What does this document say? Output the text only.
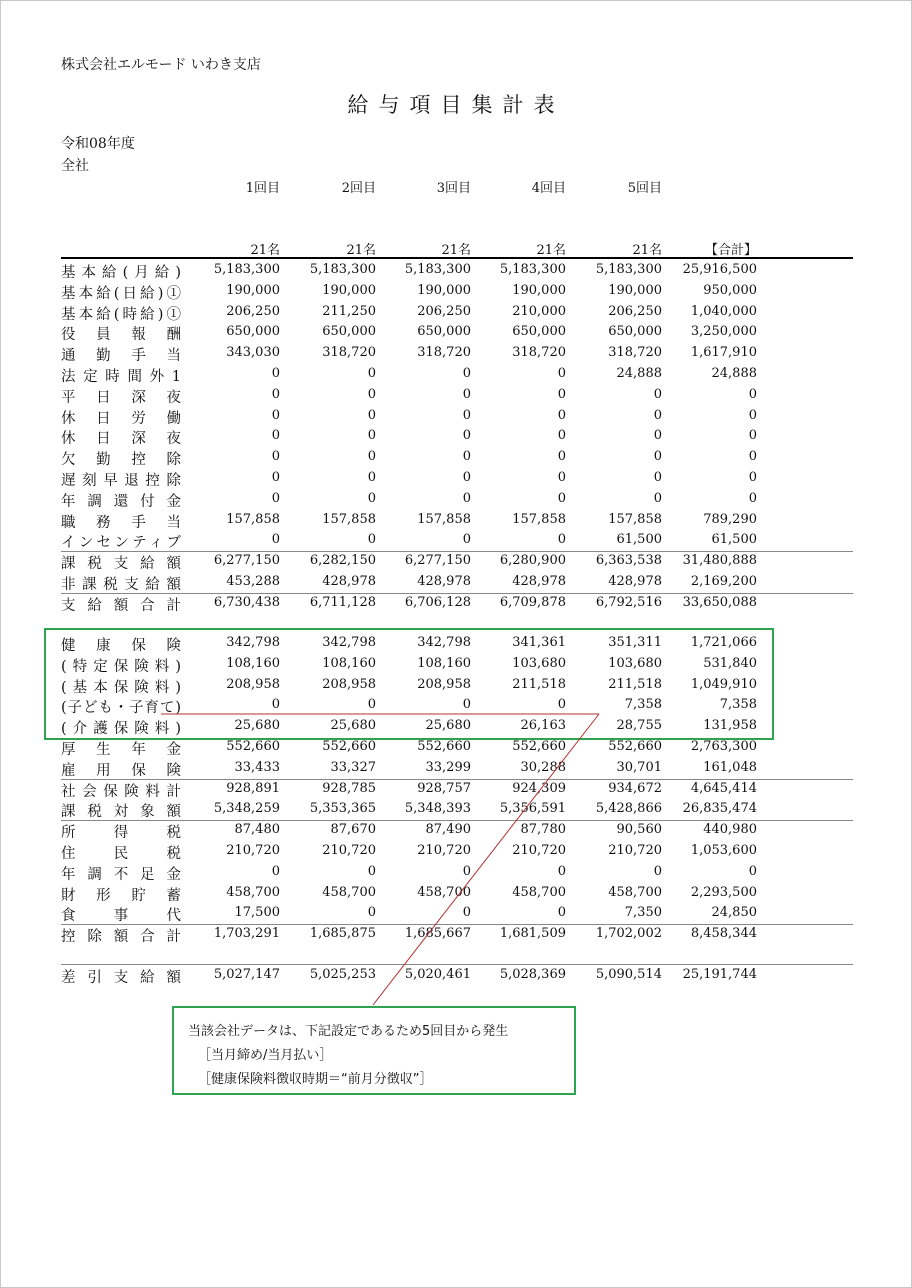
株式会社エルモード いわき支店
給与項目集計表
令和08年度
全社
1回目	2回目	3回目	4回目	5回目
21名	21名	21名	21名	21名	【合計】
基本給(月給)	5,183,300	5,183,300	5,183,300	5,183,300	5,183,300	25,916,500
基本給(日給)①	190,000	190,000	190,000	190,000	190,000	950,000
基本給(時給)①	206,250	211,250	206,250	210,000	206,250	1,040,000
役員報酬	650,000	650,000	650,000	650,000	650,000	3,250,000
通勤手当	343,030	318,720	318,720	318,720	318,720	1,617,910
法定時間外1	0	0	0	0	24,888	24,888
平日深夜	0	0	0	0	0	0
休日労働	0	0	0	0	0	0
休日深夜	0	0	0	0	0	0
欠勤控除	0	0	0	0	0	0
遅刻早退控除	0	0	0	0	0	0
年調還付金	0	0	0	0	0	0
職務手当	157,858	157,858	157,858	157,858	157,858	789,290
インセンティブ	0	0	0	0	61,500	61,500
課税支給額	6,277,150	6,282,150	6,277,150	6,280,900	6,363,538	31,480,888
非課税支給額	453,288	428,978	428,978	428,978	428,978	2,169,200
支給額合計	6,730,438	6,711,128	6,706,128	6,709,878	6,792,516	33,650,088
健康保険	342,798	342,798	342,798	341,361	351,311	1,721,066
(特定保険料)	108,160	108,160	108,160	103,680	103,680	531,840
(基本保険料)	208,958	208,958	208,958	211,518	211,518	1,049,910
(子ども・子育て)	0	0	0	0	7,358	7,358
(介護保険料)	25,680	25,680	25,680	26,163	28,755	131,958
厚生年金	552,660	552,660	552,660	552,660	552,660	2,763,300
雇用保険	33,433	33,327	33,299	30,288	30,701	161,048
社会保険料計	928,891	928,785	928,757	924,309	934,672	4,645,414
課税対象額	5,348,259	5,353,365	5,348,393	5,356,591	5,428,866	26,835,474
所得税	87,480	87,670	87,490	87,780	90,560	440,980
住民税	210,720	210,720	210,720	210,720	210,720	1,053,600
年調不足金	0	0	0	0	0	0
財形貯蓄	458,700	458,700	458,700	458,700	458,700	2,293,500
食事代	17,500	0	0	0	7,350	24,850
控除額合計	1,703,291	1,685,875	1,685,667	1,681,509	1,702,002	8,458,344
差引支給額	5,027,147	5,025,253	5,020,461	5,028,369	5,090,514	25,191,744
当該会社データは、下記設定であるため5回目から発生
［当月締め/当月払い］
［健康保険料徴収時期＝“前月分徴収”］
